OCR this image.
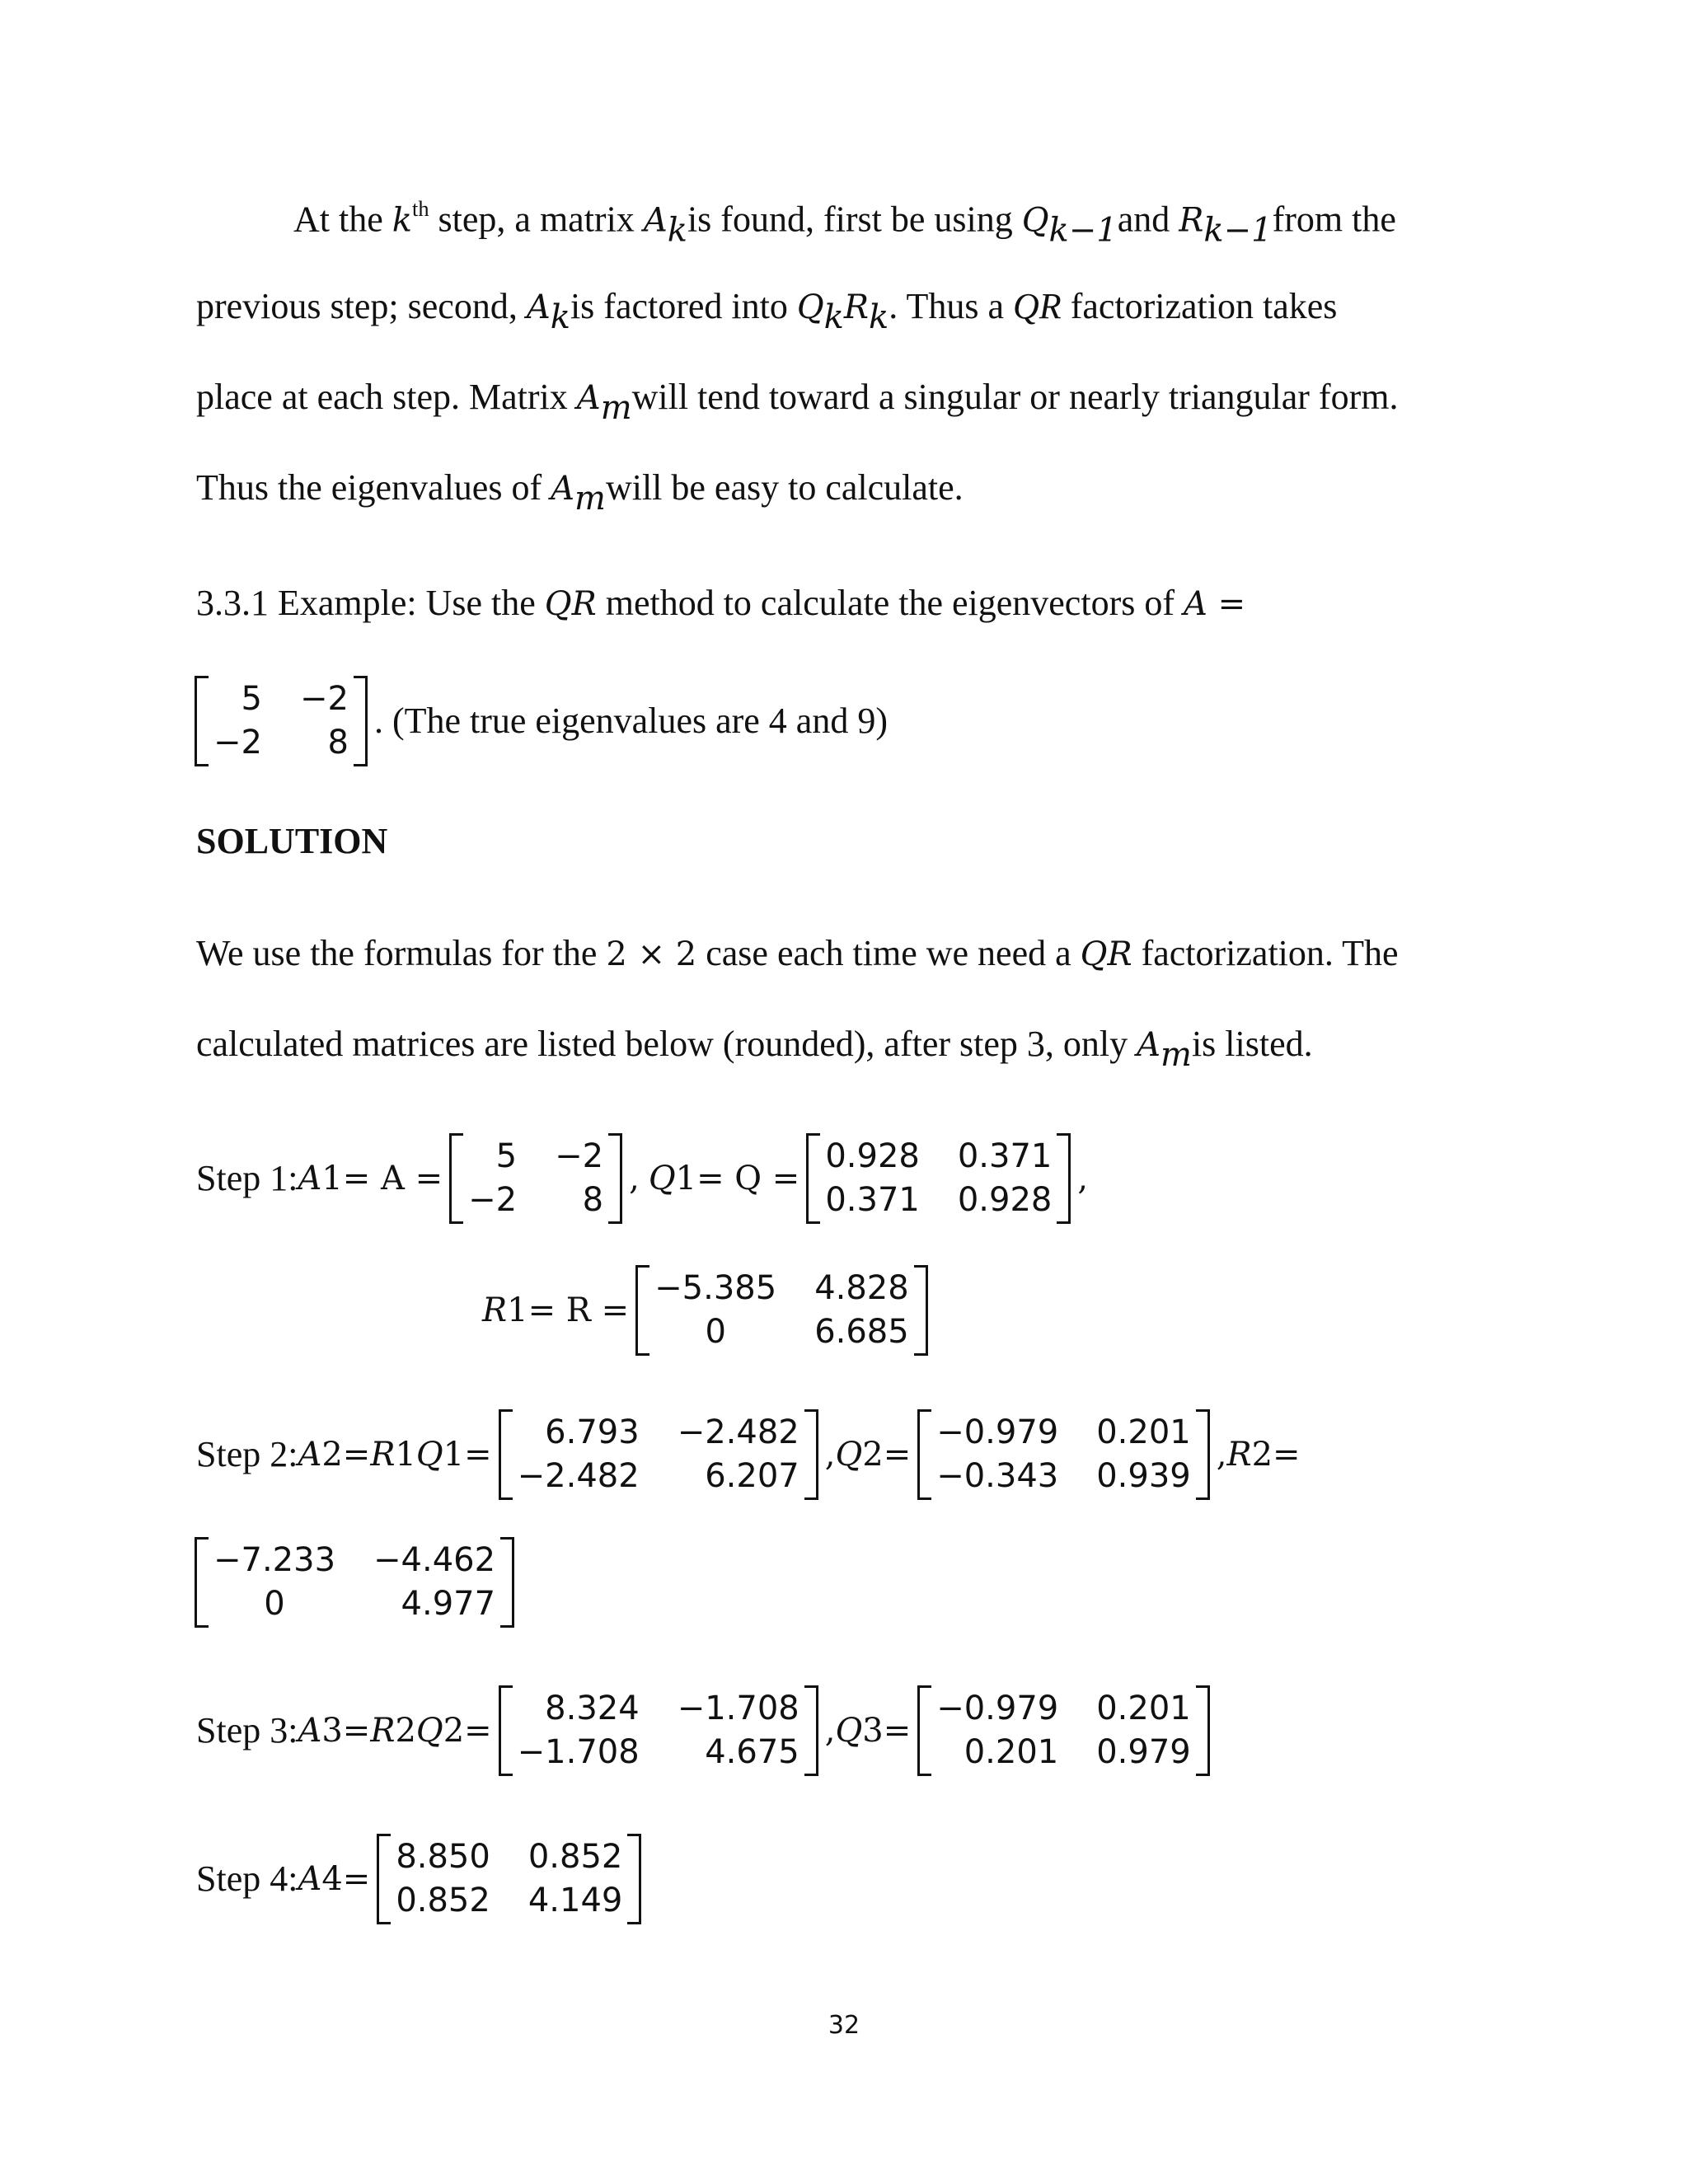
At the $k^{th}$ step, a matrix $A_kis$ found, first be using $Q_{k-1}and$ $R_{k-1}from$ the
previous step; second, $A_kis$ factored into $Q_kR_k$. Thus a QR factorization takes
place at each step. Matrix $A_mwill$ tend toward a singular or nearly triangular form.
Thus the eigenvalues of $A_mwill$ be easy to calculate.
3.3.1 Example: Use the QR method to calculate the eigenvectors of A =
5 −2
−2	8
. (The true eigenvalues are 4 and 9)
SOLUTION
We use the formulas for the 2 × 2 case each time we need a QR factorization. The
calculated matrices are listed below (rounded), after step 3, only $A_mis$ listed.
Step 1: A 1 = A =
5 −2
−2	8
,
Q 1 = Q =
0.928 0.371
0.371 0.928
,
R 1 = R =
−5.385 4.828
0	6.685
Step 2: A 2 = R 1 Q 1 =
6.793 −2.482
−2.482	6.207
, Q 2 =
−0.979 0.201
−0.343 0.939
, R 2 =
−7.233 −4.462
0	4.977
Step 3: A 3 = R 2 Q 2 =
8.324 −1.708
−1.708	4.675
, Q 3 =
−0.979 0.201
0.201 0.979
Step 4: A 4 =
8.850 0.852
0.852 4.149
32
